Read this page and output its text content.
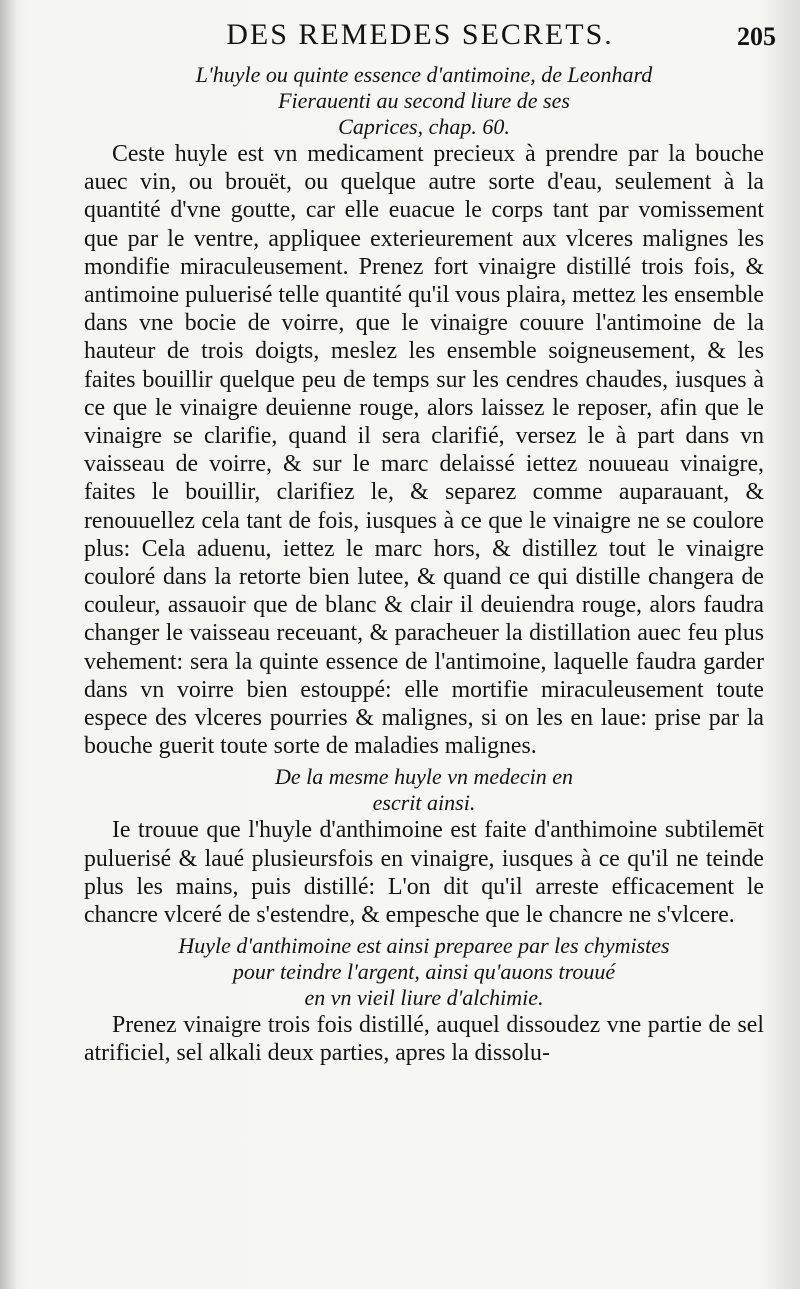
DES REMEDES SECRETS.	205
L'huyle ou quinte essence d'antimoine, de Leonhard
Fierauenti au second liure de ses
Caprices, chap. 60.

Ceste huyle est vn medicament precieux à prendre par la bouche auec vin, ou brouët, ou quelque autre sorte d'eau, seulement à la quantité d'vne goutte, car elle euacue le corps tant par vomissement que par le ventre, appliquee exterieurement aux vlceres malignes les mondifie miraculeusement. Prenez fort vinaigre distillé trois fois, & antimoine puluerisé telle quantité qu'il vous plaira, mettez les ensemble dans vne bocie de voirre, que le vinaigre couure l'antimoine de la hauteur de trois doigts, meslez les ensemble soigneusement, & les faites bouillir quelque peu de temps sur les cendres chaudes, iusques à ce que le vinaigre deuienne rouge, alors laissez le reposer, afin que le vinaigre se clarifie, quand il sera clarifié, versez le à part dans vn vaisseau de voirre, & sur le marc delaissé iettez nouueau vinaigre, faites le bouillir, clarifiez le, & separez comme auparauant, & renouuellez cela tant de fois, iusques à ce que le vinaigre ne se coulore plus: Cela aduenu, iettez le marc hors, & distillez tout le vinaigre couloré dans la retorte bien lutee, & quand ce qui distille changera de couleur, assauoir que de blanc & clair il deuiendra rouge, alors faudra changer le vaisseau receuant, & paracheuer la distillation auec feu plus vehement: sera la quinte essence de l'antimoine, laquelle faudra garder dans vn voirre bien estouppé: elle mortifie miraculeusement toute espece des vlceres pourries & malignes, si on les en laue: prise par la bouche guerit toute sorte de maladies malignes.

De la mesme huyle vn medecin en
escrit ainsi.

Ie trouue que l'huyle d'anthimoine est faite d'anthimoine subtilemēt puluerisé & laué plusieursfois en vinaigre, iusques à ce qu'il ne teinde plus les mains, puis distillé: L'on dit qu'il arreste efficacement le chancre vlceré de s'estendre, & empesche que le chancre ne s'vlcere.

Huyle d'anthimoine est ainsi preparee par les chymistes
pour teindre l'argent, ainsi qu'auons trouué
en vn vieil liure d'alchimie.

Prenez vinaigre trois fois distillé, auquel dissoudez vne partie de sel atrificiel, sel alkali deux parties, apres la dissolu-
